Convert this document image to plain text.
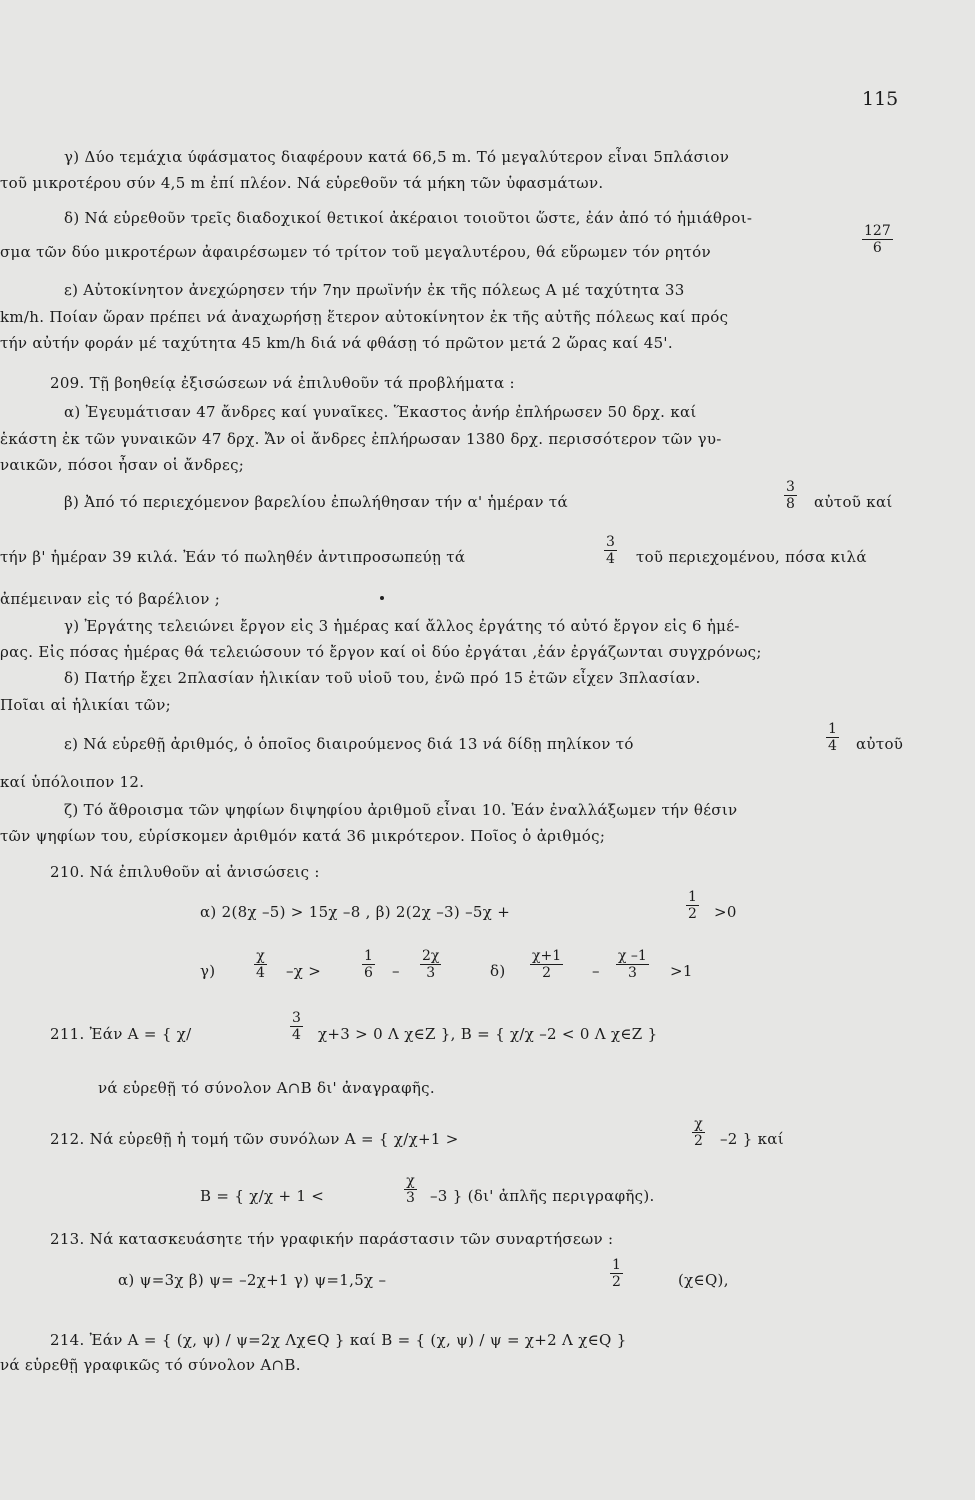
115
γ) Δύο τεμάχια ύφάσματος διαφέρουν κατά 66,5 m. Τό μεγαλύτερον εἶναι 5πλάσιον
τοῦ μικροτέρου σύν 4,5 m ἐπί πλέον. Νά εὑρεθοῦν τά μήκη τῶν ὑφασμάτων.
δ) Νά εὑρεθοῦν τρεῖς διαδοχικοί θετικοί ἀκέραιοι τοιοῦτοι ὥστε, ἐάν ἀπό τό ἡμιάθροι-
σμα τῶν δύο μικροτέρων ἀφαιρέσωμεν τό τρίτον τοῦ μεγαλυτέρου, θά εὕρωμεν τόν ρητόν	$\frac{127}{6}$
ε) Αὐτοκίνητον ἀνεχώρησεν τήν 7ην πρωϊνήν ἐκ τῆς πόλεως Α μέ ταχύτητα 33
km/h. Ποίαν ὥραν πρέπει νά ἀναχωρήσῃ ἕτερον αὐτοκίνητον ἐκ τῆς αὐτῆς πόλεως καί πρός
τήν αὐτήν φοράν μέ ταχύτητα 45 km/h διά νά φθάσῃ τό πρῶτον μετά 2 ὥρας καί 45'.
209. Τῇ βοηθείᾳ ἐξισώσεων νά ἐπιλυθοῦν τά προβλήματα :
α) Ἐγευμάτισαν 47 ἄνδρες καί γυναῖκες. Ἕκαστος ἀνήρ ἐπλήρωσεν 50 δρχ. καί
ἑκάστη ἐκ τῶν γυναικῶν 47 δρχ. Ἄν οἱ ἄνδρες ἐπλήρωσαν 1380 δρχ. περισσότερον τῶν γυ-
ναικῶν, πόσοι ἦσαν οἱ ἄνδρες;
β) Ἀπό τό περιεχόμενον βαρελίου ἐπωλήθησαν τήν α' ἡμέραν τά	$\frac{3}{8}$ αὐτοῦ καί
τήν β' ἡμέραν 39 κιλά. Ἐάν τό πωληθέν ἀντιπροσωπεύῃ τά	$\frac{3}{4}$ τοῦ περιεχομένου, πόσα κιλά
ἀπέμειναν εἰς τό βαρέλιον ;
γ) Ἐργάτης τελειώνει ἔργον εἰς 3 ἡμέρας καί ἄλλος ἐργάτης τό αὐτό ἔργον εἰς 6 ἡμέ-
ρας. Εἰς πόσας ἡμέρας θά τελειώσουν τό ἔργον καί οἱ δύο ἐργάται ,ἐάν ἐργάζωνται συγχρόνως;
δ) Πατήρ ἔχει 2πλασίαν ἡλικίαν τοῦ υἱοῦ του, ἐνῶ πρό 15 ἐτῶν εἶχεν 3πλασίαν.
Ποῖαι αἱ ἡλικίαι τῶν;
ε) Νά εὑρεθῇ ἀριθμός, ὁ ὁποῖος διαιρούμενος διά 13 νά δίδῃ πηλίκον τό	$\frac{1}{4}$ αὐτοῦ
καί ὑπόλοιπον 12.
ζ) Τό ἄθροισμα τῶν ψηφίων διψηφίου ἀριθμοῦ εἶναι 10. Ἐάν ἐναλλάξωμεν τήν θέσιν
τῶν ψηφίων του, εὑρίσκομεν ἀριθμόν κατά 36 μικρότερον. Ποῖος ὁ ἀριθμός;
210. Νά ἐπιλυθοῦν αἱ ἀνισώσεις :
α) 2(8χ –5) > 15χ –8 , β) 2(2χ –3) –5χ +	$\frac{1}{2} >0$
γ)	$\frac{\chi}{4} -\chi$ >	$\frac{1}{6} - \frac{2\chi}{3}$	$\delta) \frac{\chi+1}{2} - \frac{\chi -1}{3} >1$
211. Ἐάν Α = { χ/	$\frac{3}{4} \chi+3 > 0$ Λ χ∈Ζ }, Β = { χ/χ –2 < 0 Λ χ∈Ζ }
νά εὑρεθῇ τό σύνολον Α∩Β δι' ἀναγραφῆς.
212. Νά εὑρεθῇ ἡ τομή τῶν συνόλων Α = { χ/χ+1 >	$\frac{\chi}{2} -2$ } καί
Β = { χ/χ + 1 <	$\frac{\chi}{3} -3$ } (δι' ἀπλῆς περιγραφῆς).
213. Νά κατασκευάσητε τήν γραφικήν παράστασιν τῶν συναρτήσεων :
α) ψ=3χ β) ψ= –2χ+1 γ) ψ=1,5χ –	$\frac{1}{2}$	(χ∈Q),
214. Ἐάν Α = { (χ, ψ) / ψ=2χ Λχ∈Q } καί Β = { (χ, ψ) / ψ = χ+2 Λ χ∈Q }
νά εὑρεθῇ γραφικῶς τό σύνολον Α∩Β.
